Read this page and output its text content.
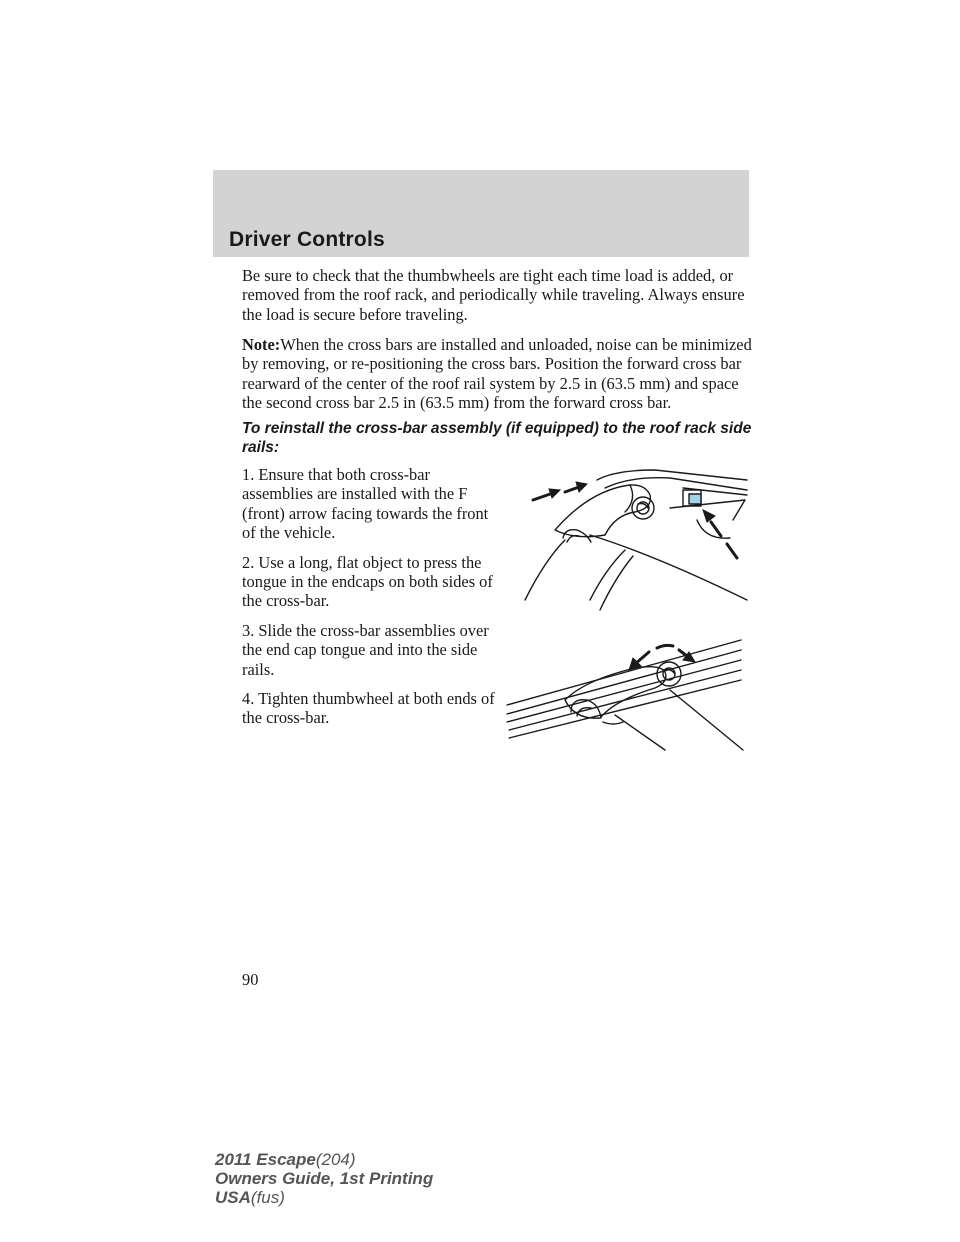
Driver Controls

Be sure to check that the thumbwheels are tight each time load is added, or removed from the roof rack, and periodically while traveling. Always ensure the load is secure before traveling.

Note:When the cross bars are installed and unloaded, noise can be minimized by removing, or re-positioning the cross bars. Position the forward cross bar rearward of the center of the roof rail system by 2.5 in (63.5 mm) and space the second cross bar 2.5 in (63.5 mm) from the forward cross bar.

To reinstall the cross-bar assembly (if equipped) to the roof rack side rails:

1. Ensure that both cross-bar assemblies are installed with the F (front) arrow facing towards the front of the vehicle.

2. Use a long, flat object to press the tongue in the endcaps on both sides of the cross-bar.

3. Slide the cross-bar assemblies over the end cap tongue and into the side rails.

4. Tighten thumbwheel at both ends of the cross-bar.

90
2011 Escape(204)
Owners Guide, 1st Printing
USA(fus)
